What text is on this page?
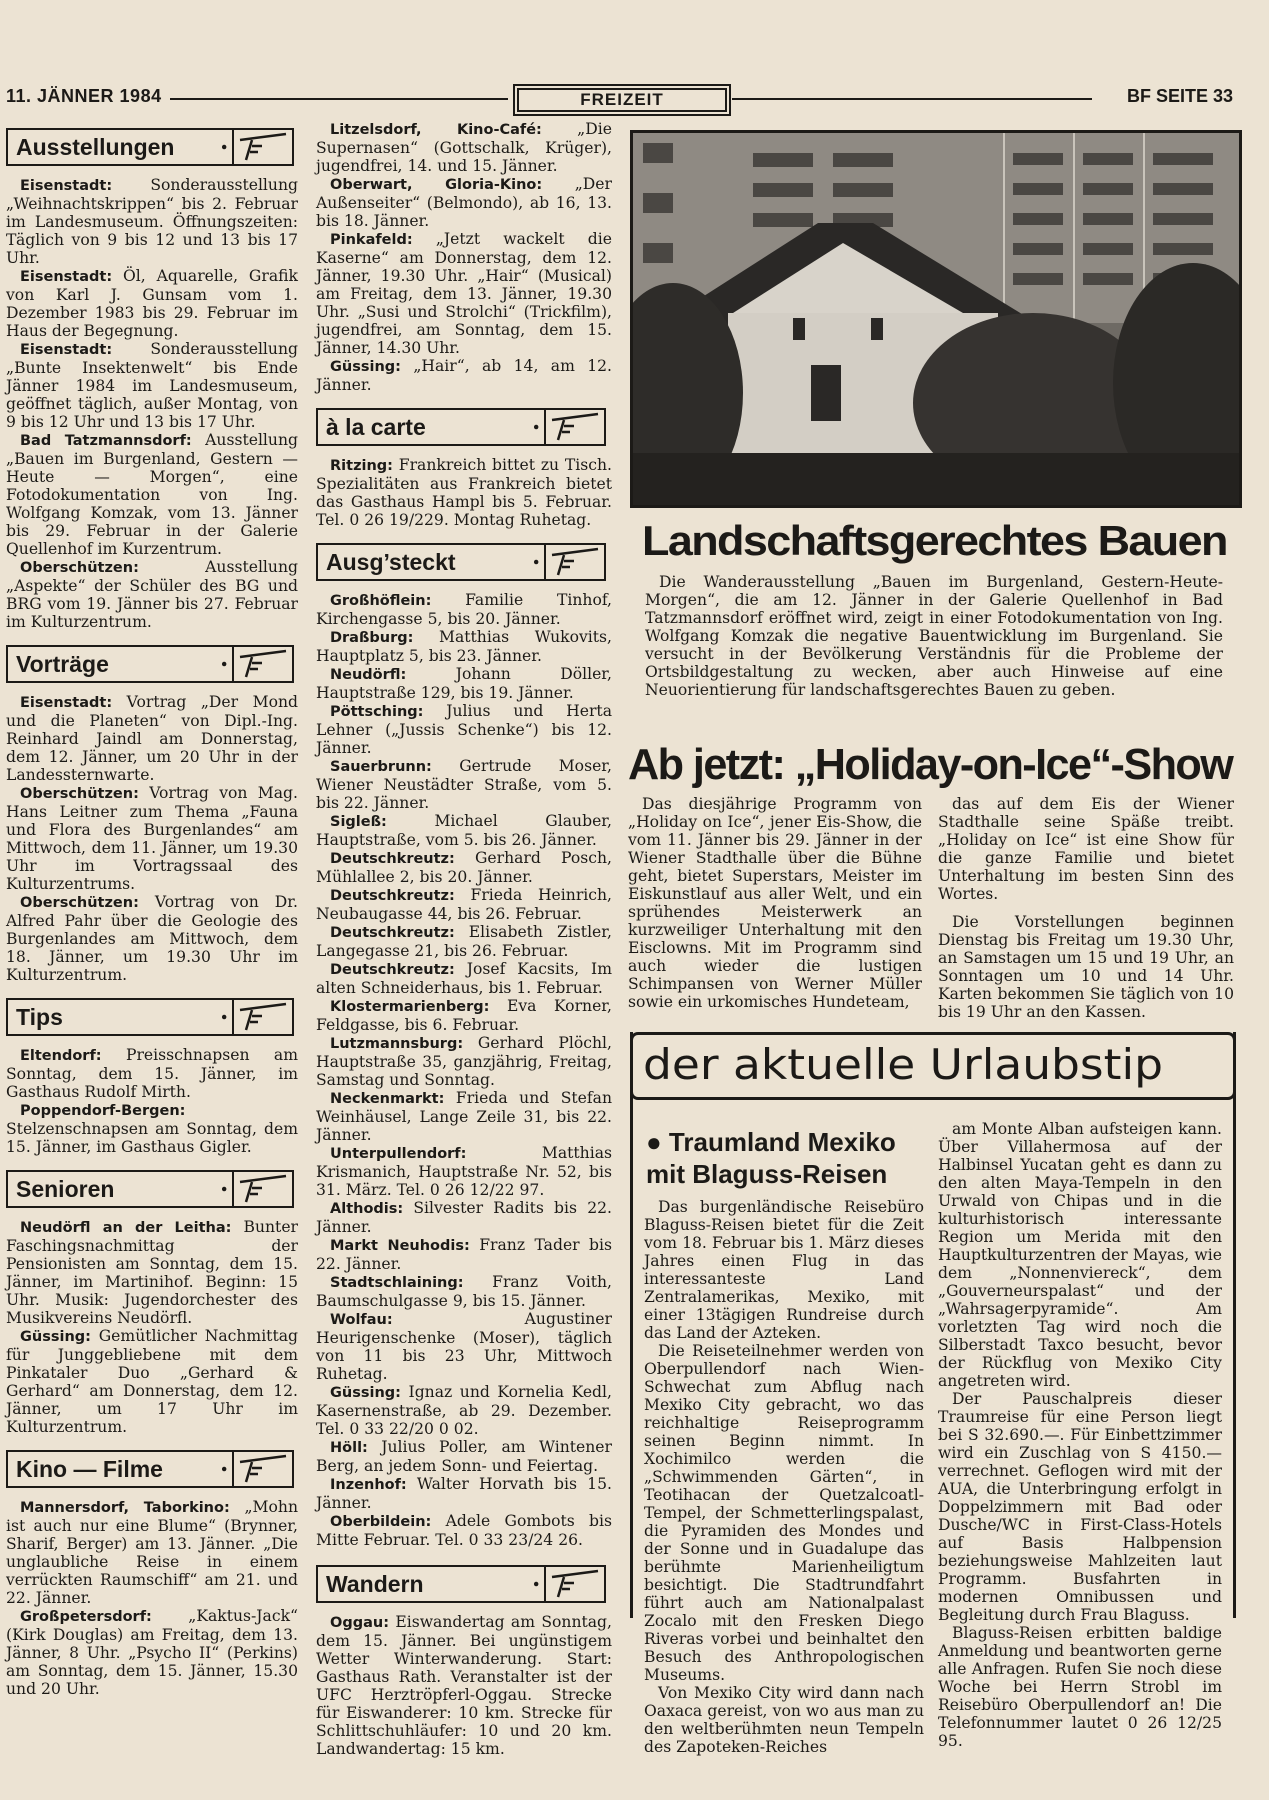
11. JÄNNER 1984	FREIZEIT	BF SEITE 33
Ausstellungen
.

Eisenstadt: Sonderausstellung „Weihnachtskrippen“ bis 2. Februar im Landesmuseum. Öffnungszeiten: Täglich von 9 bis 12 und 13 bis 17 Uhr.

Eisenstadt: Öl, Aquarelle, Grafik von Karl J. Gunsam vom 1. Dezember 1983 bis 29. Februar im Haus der Begegnung.

Eisenstadt: Sonderausstellung „Bunte Insektenwelt“ bis Ende Jänner 1984 im Landesmuseum, geöffnet täglich, außer Montag, von 9 bis 12 Uhr und 13 bis 17 Uhr.

Bad Tatzmannsdorf: Ausstellung „Bauen im Burgenland, Gestern — Heute — Morgen“, eine Fotodokumentation von Ing. Wolfgang Komzak, vom 13. Jänner bis 29. Februar in der Galerie Quellenhof im Kurzentrum.

Oberschützen: Ausstellung „Aspekte“ der Schüler des BG und BRG vom 19. Jänner bis 27. Februar im Kulturzentrum.

Vorträge
.

Eisenstadt: Vortrag „Der Mond und die Planeten“ von Dipl.-Ing. Reinhard Jaindl am Donnerstag, dem 12. Jänner, um 20 Uhr in der Landessternwarte.

Oberschützen: Vortrag von Mag. Hans Leitner zum Thema „Fauna und Flora des Burgenlandes“ am Mittwoch, dem 11. Jänner, um 19.30 Uhr im Vortragssaal des Kulturzentrums.

Oberschützen: Vortrag von Dr. Alfred Pahr über die Geologie des Burgenlandes am Mittwoch, dem 18. Jänner, um 19.30 Uhr im Kulturzentrum.

Tips
.

Eltendorf: Preisschnapsen am Sonntag, dem 15. Jänner, im Gasthaus Rudolf Mirth.

Poppendorf-Bergen: Stelzenschnapsen am Sonntag, dem 15. Jänner, im Gasthaus Gigler.

Senioren
.

Neudörfl an der Leitha: Bunter Faschingsnachmittag der Pensionisten am Sonntag, dem 15. Jänner, im Martinihof. Beginn: 15 Uhr. Musik: Jugendorchester des Musikvereins Neudörfl.

Güssing: Gemütlicher Nachmittag für Junggebliebene mit dem Pinkataler Duo „Gerhard & Gerhard“ am Donnerstag, dem 12. Jänner, um 17 Uhr im Kulturzentrum.

Kino — Filme
.

Mannersdorf, Taborkino: „Mohn ist auch nur eine Blume“ (Brynner, Sharif, Berger) am 13. Jänner. „Die unglaubliche Reise in einem verrückten Raumschiff“ am 21. und 22. Jänner.

Großpetersdorf: „Kaktus-Jack“ (Kirk Douglas) am Freitag, dem 13. Jänner, 8 Uhr. „Psycho II“ (Perkins) am Sonntag, dem 15. Jänner, 15.30 und 20 Uhr.

Litzelsdorf, Kino-Café: „Die Supernasen“ (Gottschalk, Krüger), jugendfrei, 14. und 15. Jänner.

Oberwart, Gloria-Kino: „Der Außenseiter“ (Belmondo), ab 16, 13. bis 18. Jänner.

Pinkafeld: „Jetzt wackelt die Kaserne“ am Donnerstag, dem 12. Jänner, 19.30 Uhr. „Hair“ (Musical) am Freitag, dem 13. Jänner, 19.30 Uhr. „Susi und Strolchi“ (Trickfilm), jugendfrei, am Sonntag, dem 15. Jänner, 14.30 Uhr.

Güssing: „Hair“, ab 14, am 12. Jänner.

à la carte
.

Ritzing: Frankreich bittet zu Tisch. Spezialitäten aus Frankreich bietet das Gasthaus Hampl bis 5. Februar. Tel. 0 26 19/229. Montag Ruhetag.

Ausg’steckt
.

Großhöflein: Familie Tinhof, Kirchengasse 5, bis 20. Jänner.

Draßburg: Matthias Wukovits, Hauptplatz 5, bis 23. Jänner.

Neudörfl: Johann Döller, Hauptstraße 129, bis 19. Jänner.

Pöttsching: Julius und Herta Lehner („Jussis Schenke“) bis 12. Jänner.

Sauerbrunn: Gertrude Moser, Wiener Neustädter Straße, vom 5. bis 22. Jänner.

Sigleß: Michael Glauber, Hauptstraße, vom 5. bis 26. Jänner.

Deutschkreutz: Gerhard Posch, Mühlallee 2, bis 20. Jänner.

Deutschkreutz: Frieda Heinrich, Neubaugasse 44, bis 26. Februar.

Deutschkreutz: Elisabeth Zistler, Langegasse 21, bis 26. Februar.

Deutschkreutz: Josef Kacsits, Im alten Schneiderhaus, bis 1. Februar.

Klostermarienberg: Eva Korner, Feldgasse, bis 6. Februar.

Lutzmannsburg: Gerhard Plöchl, Hauptstraße 35, ganzjährig, Freitag, Samstag und Sonntag.

Neckenmarkt: Frieda und Stefan Weinhäusel, Lange Zeile 31, bis 22. Jänner.

Unterpullendorf: Matthias Krismanich, Hauptstraße Nr. 52, bis 31. März. Tel. 0 26 12/22 97.

Althodis: Silvester Radits bis 22. Jänner.

Markt Neuhodis: Franz Tader bis 22. Jänner.

Stadtschlaining: Franz Voith, Baumschulgasse 9, bis 15. Jänner.

Wolfau: Augustiner Heurigenschenke (Moser), täglich von 11 bis 23 Uhr, Mittwoch Ruhetag.

Güssing: Ignaz und Kornelia Kedl, Kasernenstraße, ab 29. Dezember. Tel. 0 33 22/20 0 02.

Höll: Julius Poller, am Wintener Berg, an jedem Sonn- und Feiertag.

Inzenhof: Walter Horvath bis 15. Jänner.

Oberbildein: Adele Gombots bis Mitte Februar. Tel. 0 33 23/24 26.

Wandern
.

Oggau: Eiswandertag am Sonntag, dem 15. Jänner. Bei ungünstigem Wetter Winterwanderung. Start: Gasthaus Rath. Veranstalter ist der UFC Herztröpferl-Oggau. Strecke für Eiswanderer: 10 km. Strecke für Schlittschuhläufer: 10 und 20 km. Landwandertag: 15 km.

Landschaftsgerechtes Bauen

Die Wanderausstellung „Bauen im Burgenland, Gestern-Heute-Morgen“, die am 12. Jänner in der Galerie Quellenhof in Bad Tatzmannsdorf eröffnet wird, zeigt in einer Fotodokumentation von Ing. Wolfgang Komzak die negative Bauentwicklung im Burgenland. Sie versucht in der Bevölkerung Verständnis für die Probleme der Ortsbildgestaltung zu wecken, aber auch Hinweise auf eine Neuorientierung für landschaftsgerechtes Bauen zu geben.

Ab jetzt: „Holiday-on-Ice“-Show

Das diesjährige Programm von „Holiday on Ice“, jener Eis-Show, die vom 11. Jänner bis 29. Jänner in der Wiener Stadthalle über die Bühne geht, bietet Superstars, Meister im Eiskunstlauf aus aller Welt, und ein sprühendes Meisterwerk an kurzweiliger Unterhaltung mit den Eisclowns. Mit im Programm sind auch wieder die lustigen Schimpansen von Werner Müller sowie ein urkomisches Hundeteam,

das auf dem Eis der Wiener Stadthalle seine Späße treibt. „Holiday on Ice“ ist eine Show für die ganze Familie und bietet Unterhaltung im besten Sinn des Wortes.

Die Vorstellungen beginnen Dienstag bis Freitag um 19.30 Uhr, an Samstagen um 15 und 19 Uhr, an Sonntagen um 10 und 14 Uhr. Karten bekommen Sie täglich von 10 bis 19 Uhr an den Kassen.

der aktuelle Urlaubstip
● Traumland Mexiko
mit Blaguss-Reisen

Das burgenländische Reisebüro Blaguss-Reisen bietet für die Zeit vom 18. Februar bis 1. März dieses Jahres einen Flug in das interessanteste Land Zentralamerikas, Mexiko, mit einer 13tägigen Rundreise durch das Land der Azteken.

Die Reiseteilnehmer werden von Oberpullendorf nach Wien-Schwechat zum Abflug nach Mexiko City gebracht, wo das reichhaltige Reiseprogramm seinen Beginn nimmt. In Xochimilco werden die „Schwimmenden Gärten“, in Teotihacan der Quetzalcoatl-Tempel, der Schmetterlingspalast, die Pyramiden des Mondes und der Sonne und in Guadalupe das berühmte Marienheiligtum besichtigt. Die Stadtrundfahrt führt auch am Nationalpalast Zocalo mit den Fresken Diego Riveras vorbei und beinhaltet den Besuch des Anthropologischen Museums.

Von Mexiko City wird dann nach Oaxaca gereist, von wo aus man zu den weltberühmten neun Tempeln des Zapoteken-Reiches

am Monte Alban aufsteigen kann. Über Villahermosa auf der Halbinsel Yucatan geht es dann zu den alten Maya-Tempeln in den Urwald von Chipas und in die kulturhistorisch interessante Region um Merida mit den Hauptkulturzentren der Mayas, wie dem „Nonnenviereck“, dem „Gouverneurspalast“ und der „Wahrsagerpyramide“. Am vorletzten Tag wird noch die Silberstadt Taxco besucht, bevor der Rückflug von Mexiko City angetreten wird.

Der Pauschalpreis dieser Traumreise für eine Person liegt bei S 32.690.—. Für Einbettzimmer wird ein Zuschlag von S 4150.— verrechnet. Geflogen wird mit der AUA, die Unterbringung erfolgt in Doppelzimmern mit Bad oder Dusche/WC in First-Class-Hotels auf Basis Halbpension beziehungsweise Mahlzeiten laut Programm. Busfahrten in modernen Omnibussen und Begleitung durch Frau Blaguss.

Blaguss-Reisen erbitten baldige Anmeldung und beantworten gerne alle Anfragen. Rufen Sie noch diese Woche bei Herrn Strobl im Reisebüro Oberpullendorf an! Die Telefonnummer lautet 0 26 12/25 95.
